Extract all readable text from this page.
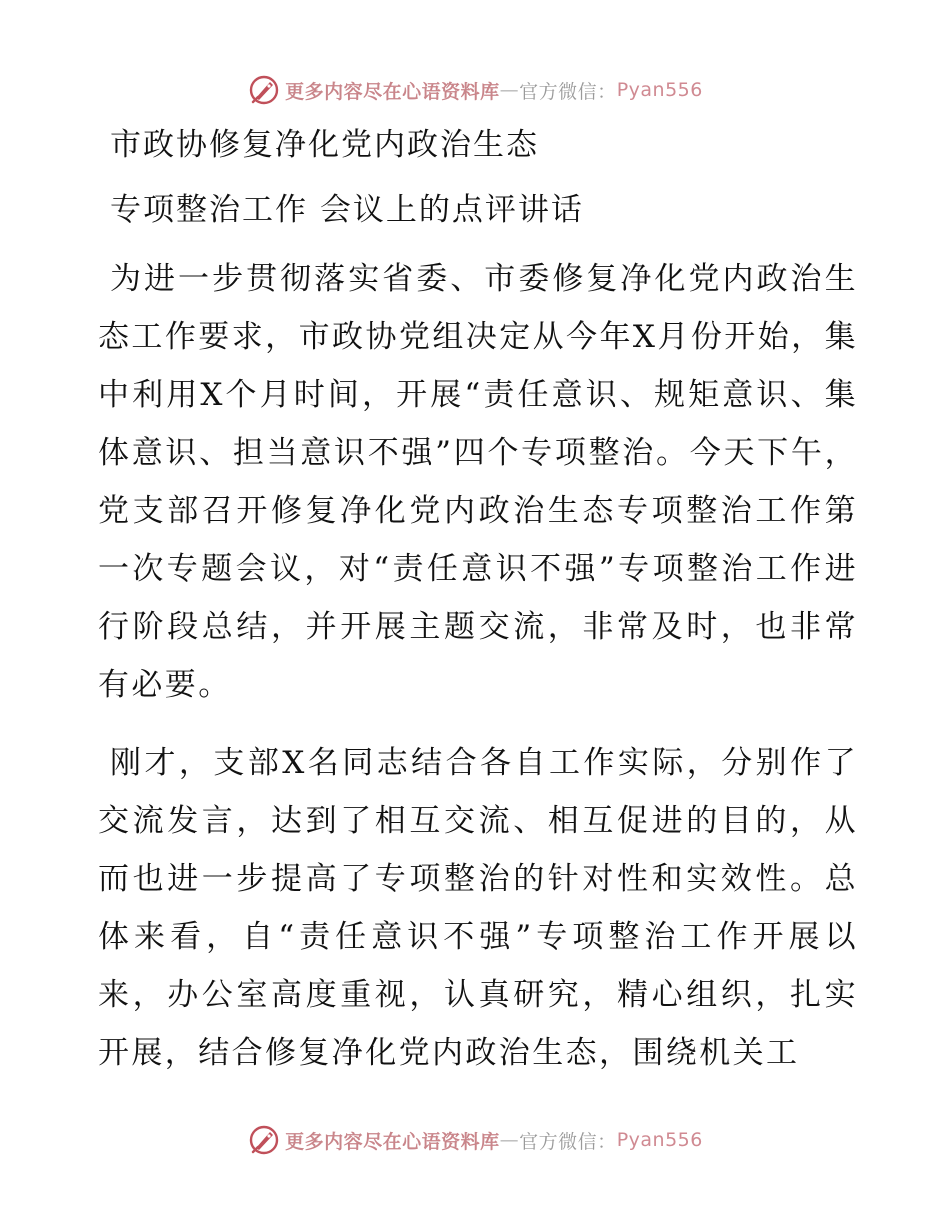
更多内容尽在心语资料库 — 官方微信： Pyan556
市政协修复净化党内政治生态
专项整治工作 会议上的点评讲话

为进一步贯彻落实省委、市委修复净化党内政治生态工作要求，市政协党组决定从今年X月份开始，集中利用X个月时间，开展“责任意识、规矩意识、集体意识、担当意识不强”四个专项整治。今天下午，党支部召开修复净化党内政治生态专项整治工作第一次专题会议，对“责任意识不强”专项整治工作进行阶段总结，并开展主题交流，非常及时，也非常有必要。

刚才，支部X名同志结合各自工作实际，分别作了交流发言，达到了相互交流、相互促进的目的，从而也进一步提高了专项整治的针对性和实效性。总体来看，自“责任意识不强”专项整治工作开展以来，办公室高度重视，认真研究，精心组织，扎实开展，结合修复净化党内政治生态，围绕机关工

更多内容尽在心语资料库 — 官方微信： Pyan556
